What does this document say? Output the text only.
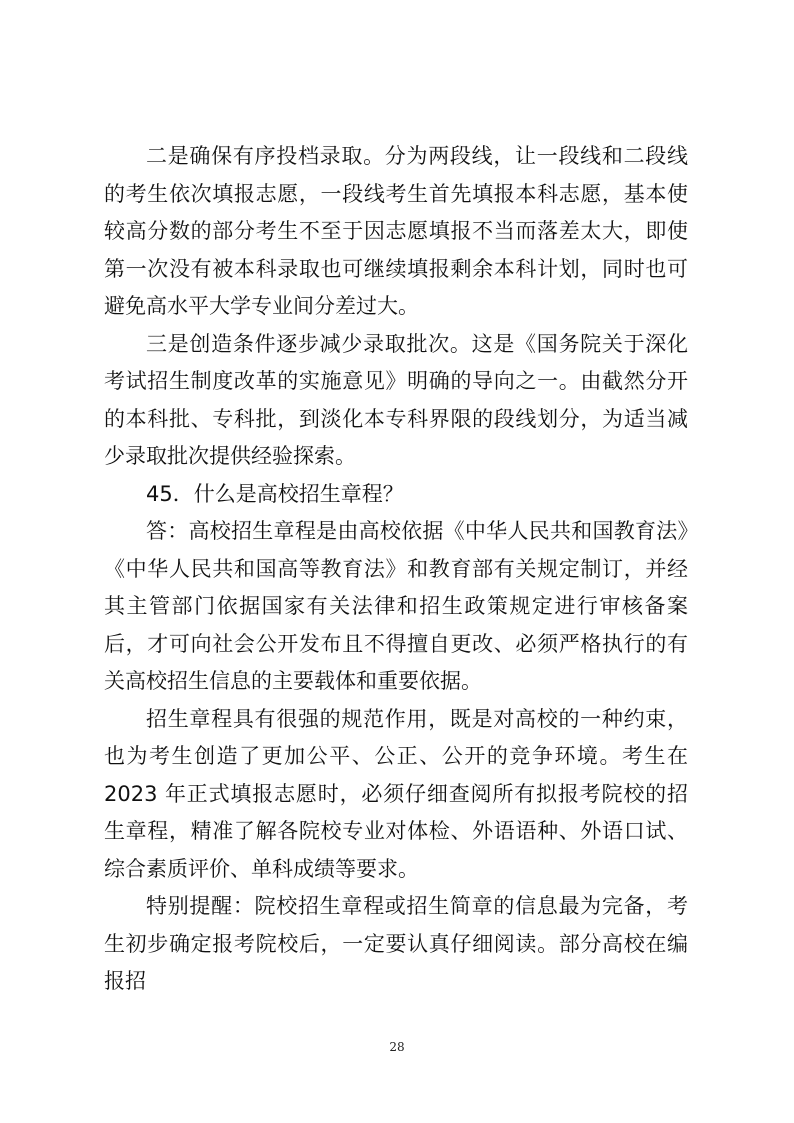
二是确保有序投档录取。分为两段线，让一段线和二段线的考生依次填报志愿，一段线考生首先填报本科志愿，基本使较高分数的部分考生不至于因志愿填报不当而落差太大，即使第一次没有被本科录取也可继续填报剩余本科计划，同时也可避免高水平大学专业间分差过大。

三是创造条件逐步减少录取批次。这是《国务院关于深化考试招生制度改革的实施意见》明确的导向之一。由截然分开的本科批、专科批，到淡化本专科界限的段线划分，为适当减少录取批次提供经验探索。

45．什么是高校招生章程？

答：高校招生章程是由高校依据《中华人民共和国教育法》《中华人民共和国高等教育法》和教育部有关规定制订，并经其主管部门依据国家有关法律和招生政策规定进行审核备案后，才可向社会公开发布且不得擅自更改、必须严格执行的有关高校招生信息的主要载体和重要依据。

招生章程具有很强的规范作用，既是对高校的一种约束，也为考生创造了更加公平、公正、公开的竞争环境。考生在 2023 年正式填报志愿时，必须仔细查阅所有拟报考院校的招生章程，精准了解各院校专业对体检、外语语种、外语口试、综合素质评价、单科成绩等要求。

特别提醒：院校招生章程或招生简章的信息最为完备，考生初步确定报考院校后，一定要认真仔细阅读。部分高校在编报招

28
